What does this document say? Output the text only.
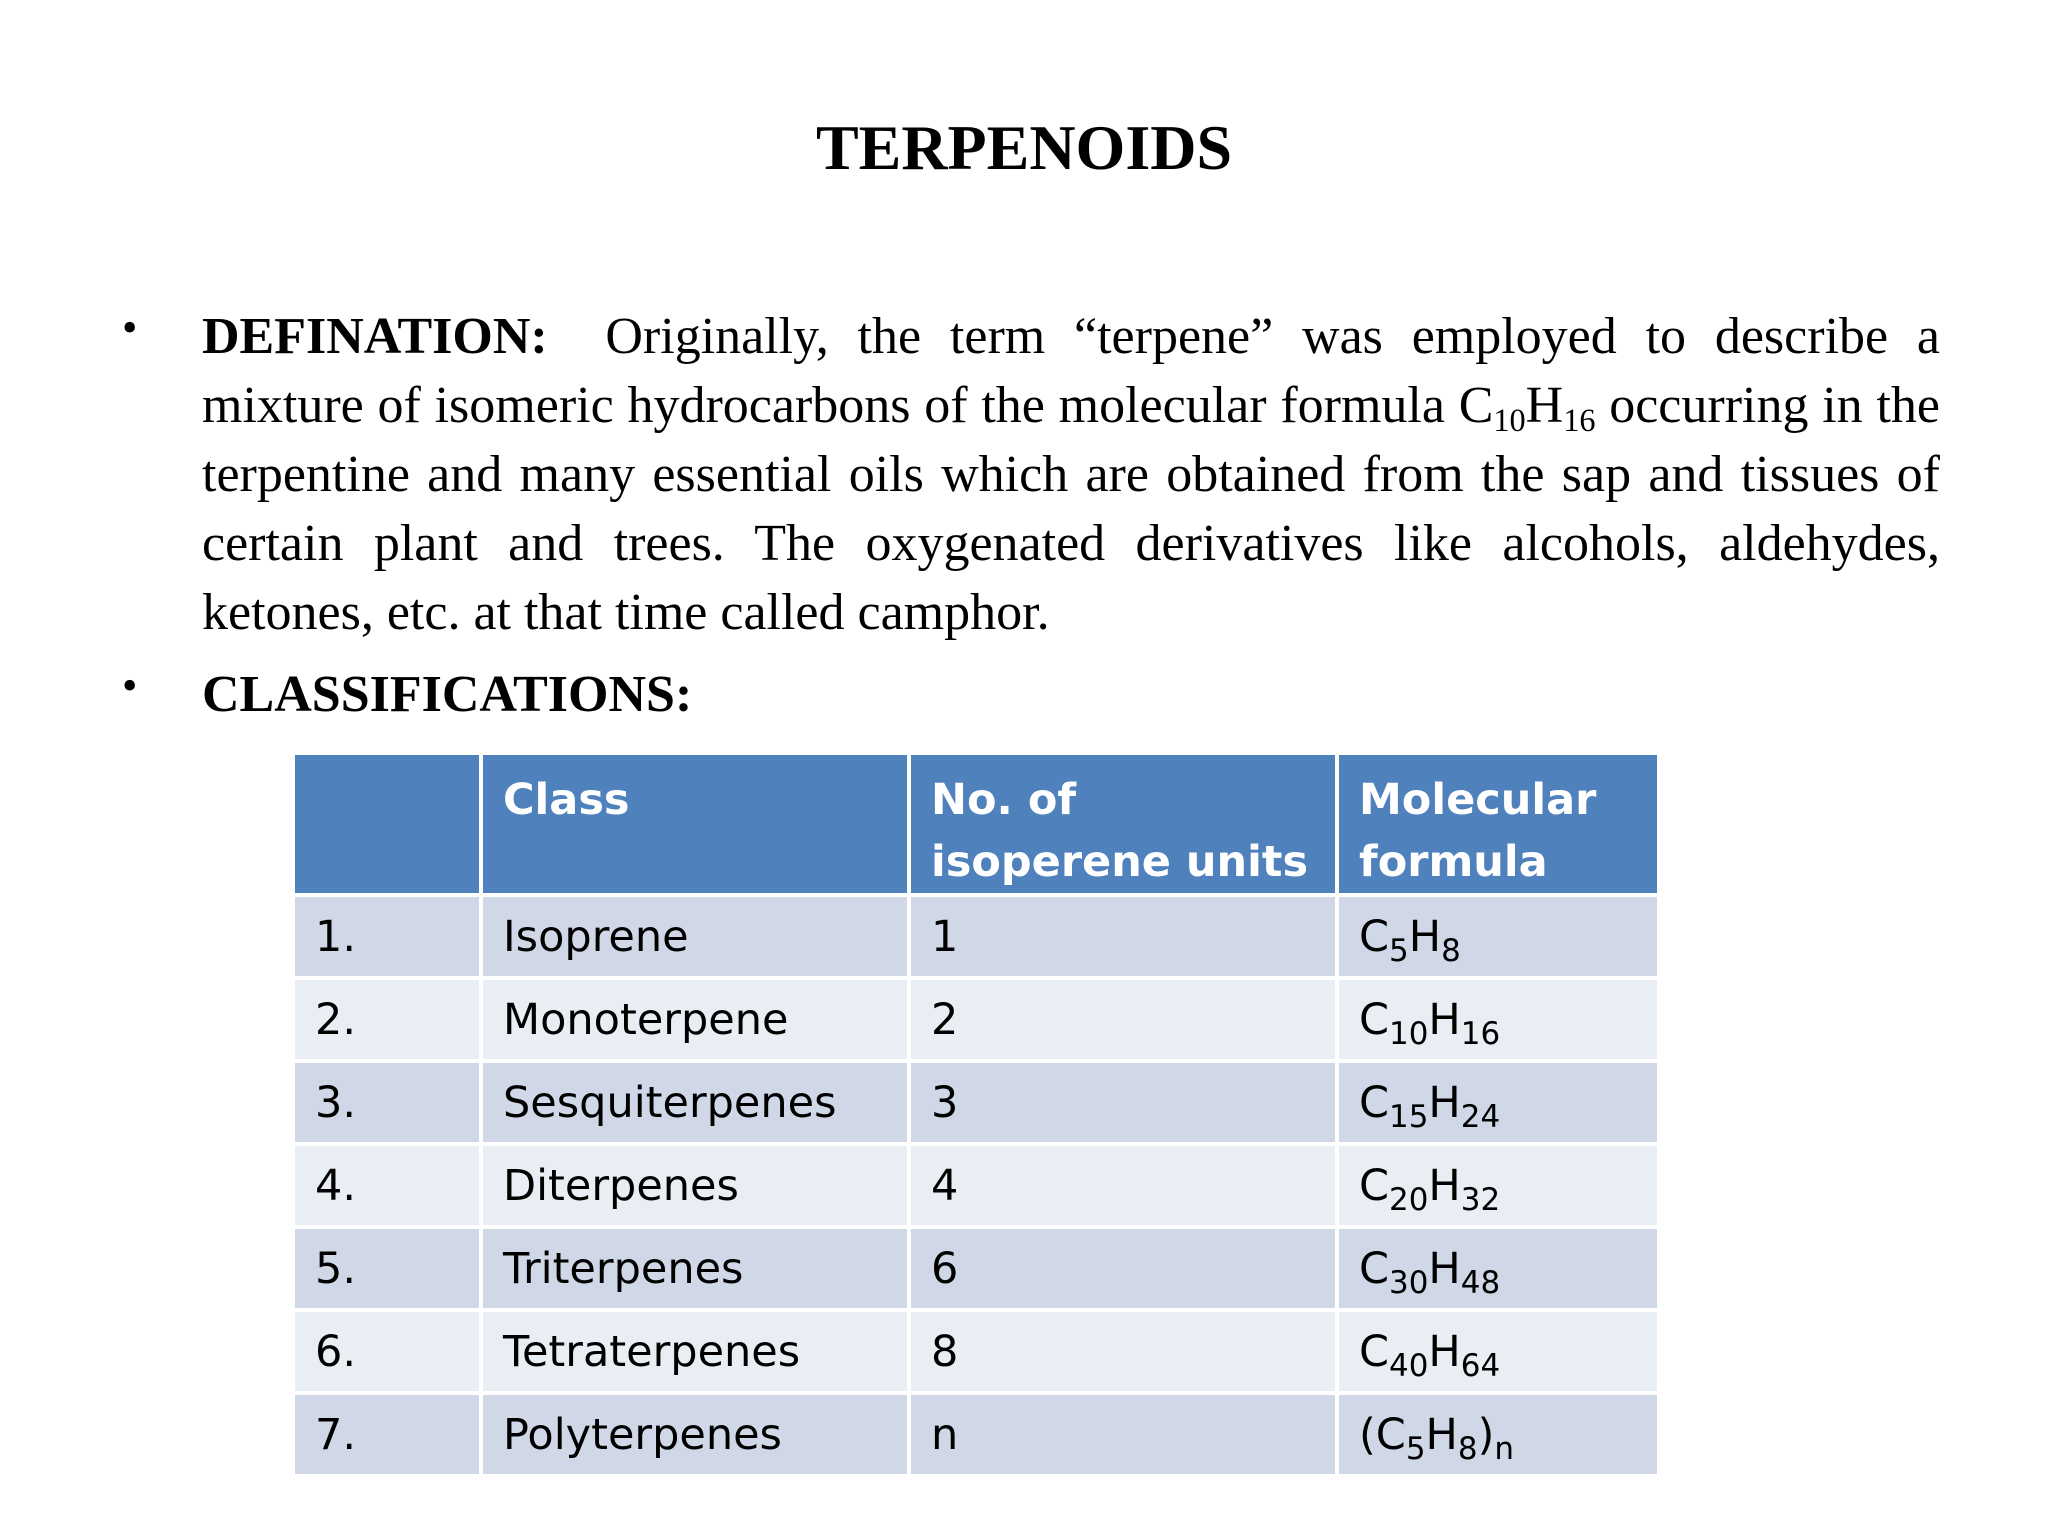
TERPENOIDS
• DEFINATION: Originally, the term “terpene” was employed to describe a mixture of isomeric hydrocarbons of the molecular formula $C_{10}H_{16}$ occurring in the terpentine and many essential oils which are obtained from the sap and tissues of certain plant and trees. The oxygenated derivatives like alcohols, aldehydes, ketones, etc. at that time called camphor.
• CLASSIFICATIONS:
	Class	No. of isoperene units	Molecular formula
1.	Isoprene	1	$C_5H_8$
2.	Monoterpene	2	$C_{10}H_{16}$
3.	Sesquiterpenes	3	$C_{15}H_{24}$
4.	Diterpenes	4	$C_{20}H_{32}$
5.	Triterpenes	6	$C_{30}H_{48}$
6.	Tetraterpenes	8	$C_{40}H_{64}$
7.	Polyterpenes	n	$(C_5H_8)_n$
